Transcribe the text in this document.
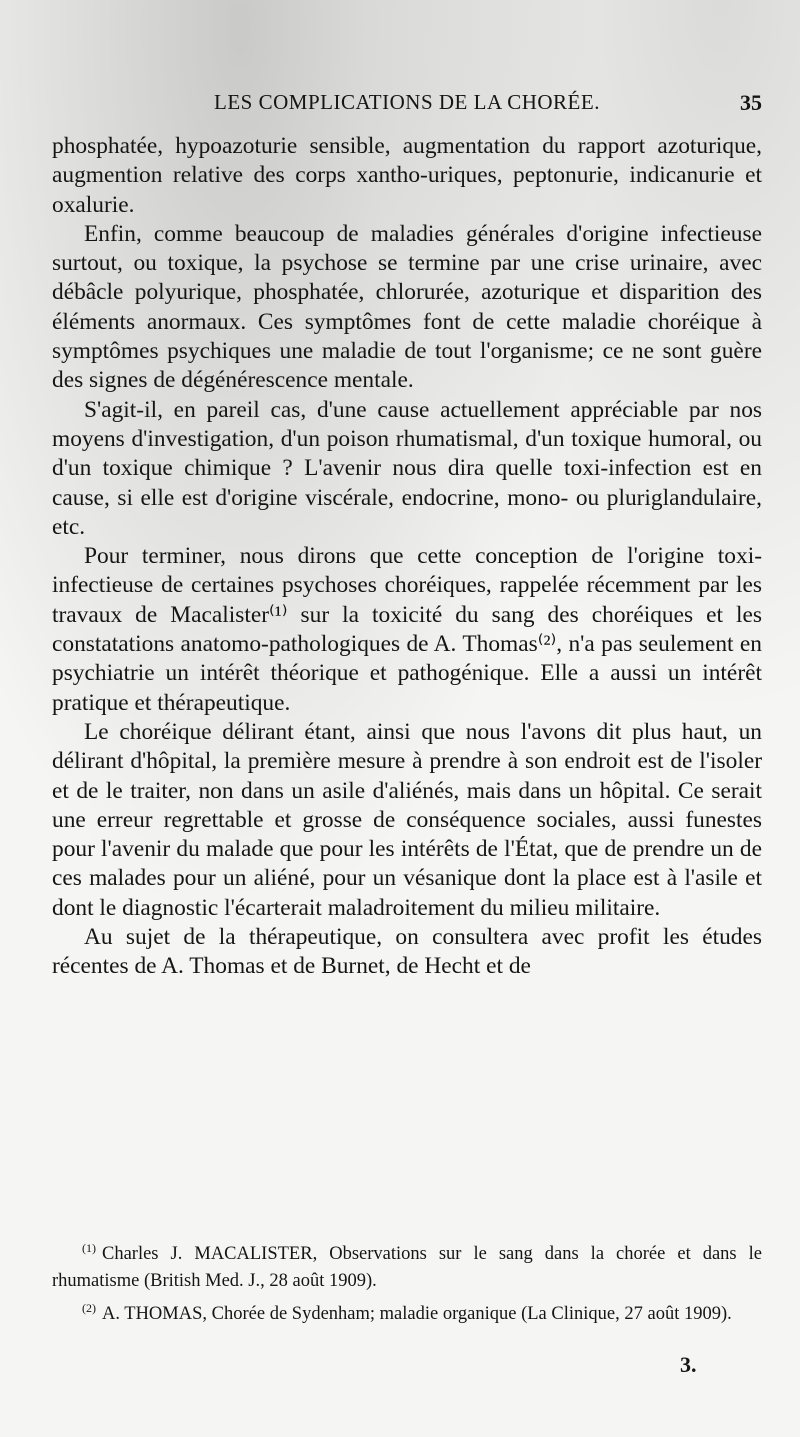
LES COMPLICATIONS DE LA CHORÉE.	35

phosphatée, hypoazoturie sensible, augmentation du rapport azoturique, augmention relative des corps xantho-uriques, peptonurie, indicanurie et oxalurie.

Enfin, comme beaucoup de maladies générales d'origine infectieuse surtout, ou toxique, la psychose se termine par une crise urinaire, avec débâcle polyurique, phosphatée, chlorurée, azoturique et disparition des éléments anormaux. Ces symptômes font de cette maladie choréique à symptômes psychiques une maladie de tout l'organisme; ce ne sont guère des signes de dégénérescence mentale.

S'agit-il, en pareil cas, d'une cause actuellement appréciable par nos moyens d'investigation, d'un poison rhumatismal, d'un toxique humoral, ou d'un toxique chimique ? L'avenir nous dira quelle toxi-infection est en cause, si elle est d'origine viscérale, endocrine, mono- ou pluriglandulaire, etc.

Pour terminer, nous dirons que cette conception de l'origine toxi-infectieuse de certaines psychoses choréiques, rappelée récemment par les travaux de Macalister⁽¹⁾ sur la toxicité du sang des choréiques et les constatations anatomo-pathologiques de A. Thomas⁽²⁾, n'a pas seulement en psychiatrie un intérêt théorique et pathogénique. Elle a aussi un intérêt pratique et thérapeutique.

Le choréique délirant étant, ainsi que nous l'avons dit plus haut, un délirant d'hôpital, la première mesure à prendre à son endroit est de l'isoler et de le traiter, non dans un asile d'aliénés, mais dans un hôpital. Ce serait une erreur regrettable et grosse de conséquence sociales, aussi funestes pour l'avenir du malade que pour les intérêts de l'État, que de prendre un de ces malades pour un aliéné, pour un vésanique dont la place est à l'asile et dont le diagnostic l'écarterait maladroitement du milieu militaire.

Au sujet de la thérapeutique, on consultera avec profit les études récentes de A. Thomas et de Burnet, de Hecht et de

$^{(1)}$ Charles J. MACALISTER, Observations sur le sang dans la chorée et dans le rhumatisme (British Med. J., 28 août 1909).

$^{(2)}$ A. THOMAS, Chorée de Sydenham; maladie organique (La Clinique, 27 août 1909).

3.
